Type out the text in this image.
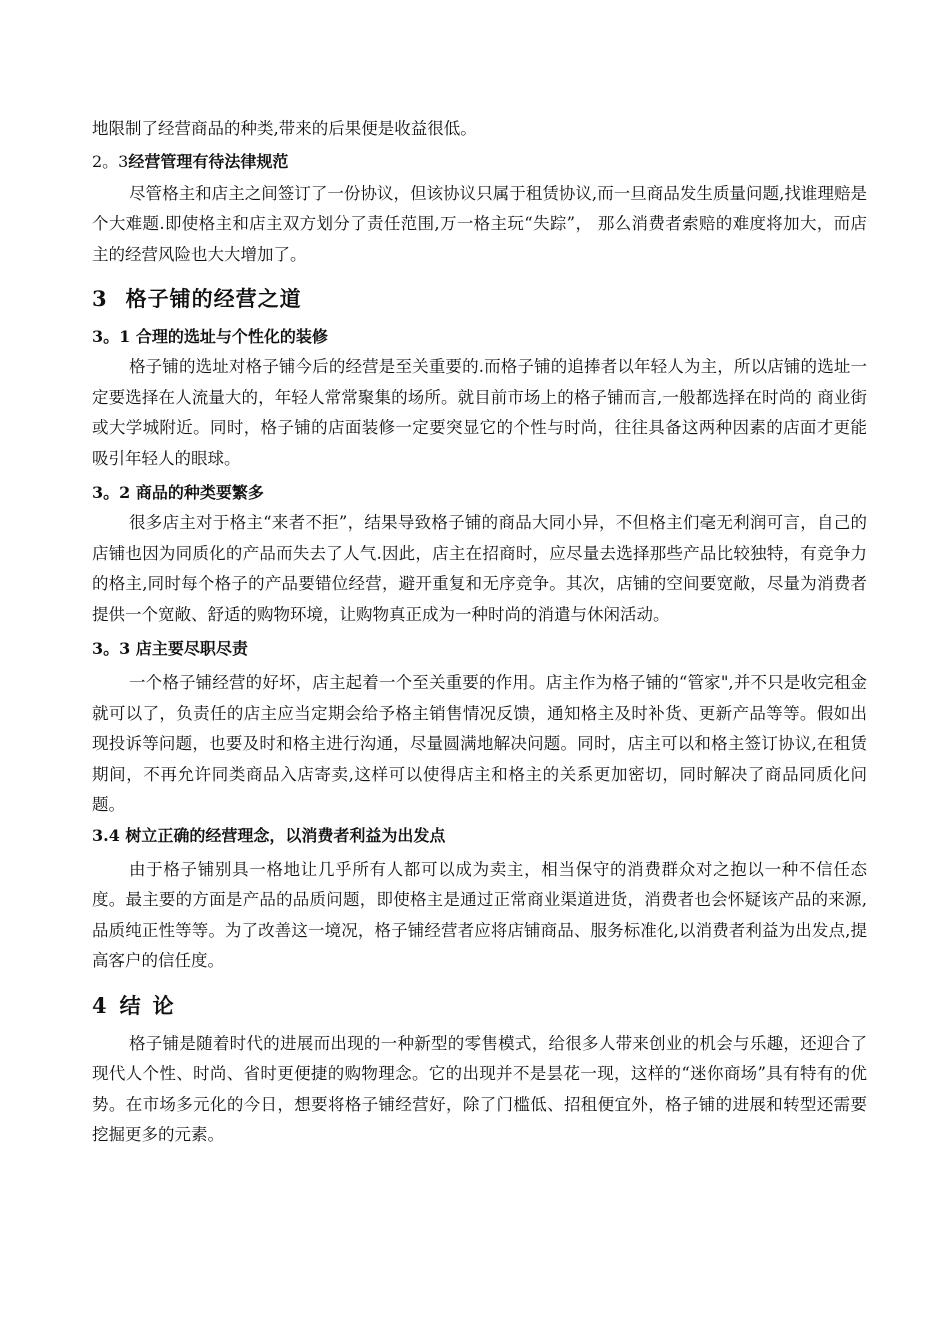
地限制了经营商品的种类,带来的后果便是收益很低。

2。3经营管理有待法律规范

尽管格主和店主之间签订了一份协议，但该协议只属于租赁协议,而一旦商品发生质量问题,找谁理赔是个大难题.即使格主和店主双方划分了责任范围,万一格主玩“失踪”， 那么消费者索赔的难度将加大，而店主的经营风险也大大增加了。

3 格子铺的经营之道

3。1 合理的选址与个性化的装修

格子铺的选址对格子铺今后的经营是至关重要的.而格子铺的追捧者以年轻人为主，所以店铺的选址一定要选择在人流量大的，年轻人常常聚集的场所。就目前市场上的格子铺而言,一般都选择在时尚的 商业街或大学城附近。同时，格子铺的店面装修一定要突显它的个性与时尚，往往具备这两种因素的店面才更能吸引年轻人的眼球。

3。2 商品的种类要繁多

很多店主对于格主“来者不拒”，结果导致格子铺的商品大同小异，不但格主们毫无利润可言，自己的店铺也因为同质化的产品而失去了人气.因此，店主在招商时，应尽量去选择那些产品比较独特，有竞争力的格主,同时每个格子的产品要错位经营，避开重复和无序竞争。其次，店铺的空间要宽敞，尽量为消费者提供一个宽敞、舒适的购物环境，让购物真正成为一种时尚的消遣与休闲活动。

3。3 店主要尽职尽责

一个格子铺经营的好坏，店主起着一个至关重要的作用。店主作为格子铺的“管家",并不只是收完租金就可以了，负责任的店主应当定期会给予格主销售情况反馈，通知格主及时补货、更新产品等等。假如出现投诉等问题，也要及时和格主进行沟通，尽量圆满地解决问题。同时，店主可以和格主签订协议,在租赁期间，不再允许同类商品入店寄卖,这样可以使得店主和格主的关系更加密切，同时解决了商品同质化问题。

3.4 树立正确的经营理念，以消费者利益为出发点

由于格子铺别具一格地让几乎所有人都可以成为卖主，相当保守的消费群众对之抱以一种不信任态度。最主要的方面是产品的品质问题，即使格主是通过正常商业渠道进货，消费者也会怀疑该产品的来源,品质纯正性等等。为了改善这一境况，格子铺经营者应将店铺商品、服务标准化,以消费者利益为出发点,提高客户的信任度。

4 结论

格子铺是随着时代的进展而出现的一种新型的零售模式，给很多人带来创业的机会与乐趣，还迎合了现代人个性、时尚、省时更便捷的购物理念。它的出现并不是昙花一现，这样的“迷你商场”具有特有的优势。在市场多元化的今日，想要将格子铺经营好，除了门槛低、招租便宜外，格子铺的进展和转型还需要挖掘更多的元素。
